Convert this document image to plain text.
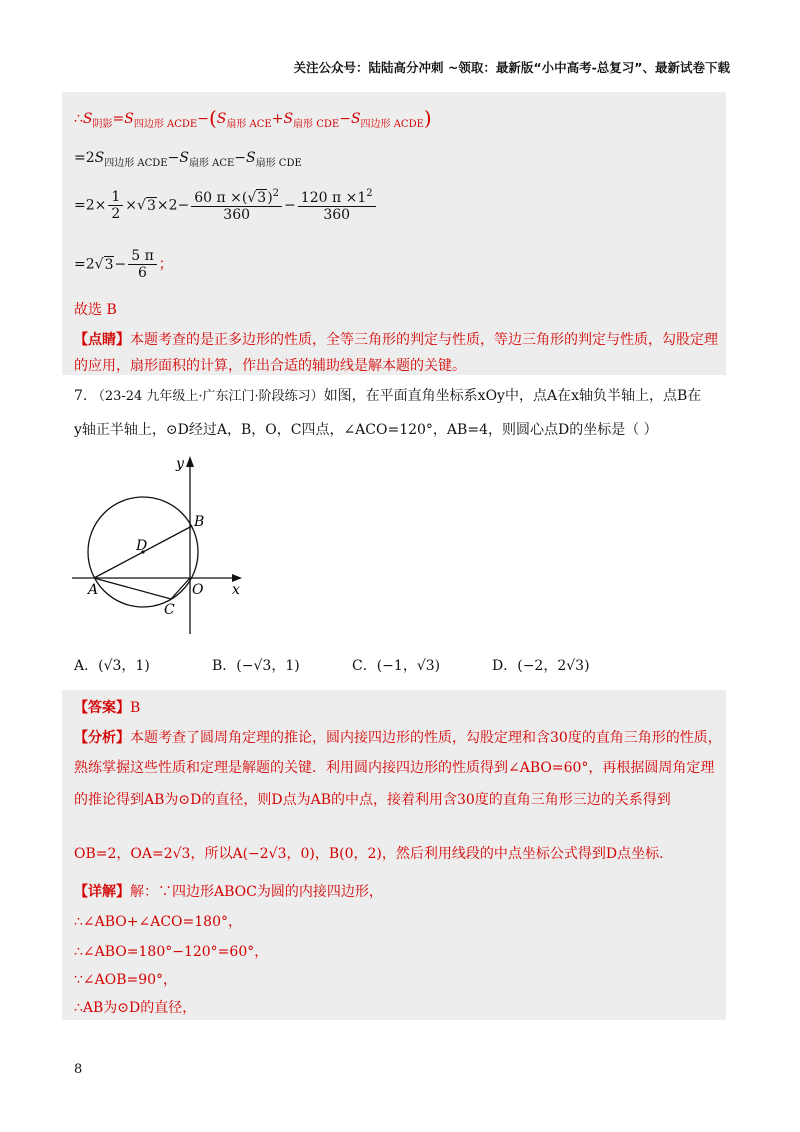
关注公众号：陆陆高分冲刺 ~领取：最新版“小中高考-总复习”、最新试卷下载
$\therefore S_{阴影}=S_{四边形 ACDE}-(S_{扇形 ACE}+S_{扇形 CDE}-S_{四边形 ACDE})$
$=2S_{四边形 ACDE}-S_{扇形 ACE}-S_{扇形 CDE}$
$=2\times \frac{1}{2} \times√3\times 2- \frac{60 \pi \times(√3)^2}{360} - \frac{120 \pi \times 1^2}{360}$
$=2√3- \frac{5 \pi}{6}$ ；
故选 B
【点睛】本题考查的是正多边形的性质，全等三角形的判定与性质，等边三角形的判定与性质，勾股定理
的应用，扇形面积的计算，作出合适的辅助线是解本题的关键。
7. （23-24 九年级上·广东江门·阶段练习）如图，在平面直角坐标系xOy中，点A在x轴负半轴上，点B在
y轴正半轴上，⊙D经过A，B，O，C四点，∠ACO=120°，AB=4，则圆心点D的坐标是（ ）
y
x
B
D
A	O
C
A．(√3，1)	B．(−√3，1)	C．(−1，√3)	D．(−2，2√3)
【答案】B
【分析】本题考查了圆周角定理的推论，圆内接四边形的性质，勾股定理和含30度的直角三角形的性质，
熟练掌握这些性质和定理是解题的关键．利用圆内接四边形的性质得到∠ABO=60°，再根据圆周角定理
的推论得到AB为⊙D的直径，则D点为AB的中点，接着利用含30度的直角三角形三边的关系得到
OB=2，OA=2√3，所以A(−2√3，0)，B(0，2)，然后利用线段的中点坐标公式得到D点坐标.
【详解】解：∵四边形ABOC为圆的内接四边形，
∴∠ABO+∠ACO=180°，
∴∠ABO=180°−120°=60°，
∵∠AOB=90°，
∴AB为⊙D的直径，
8
